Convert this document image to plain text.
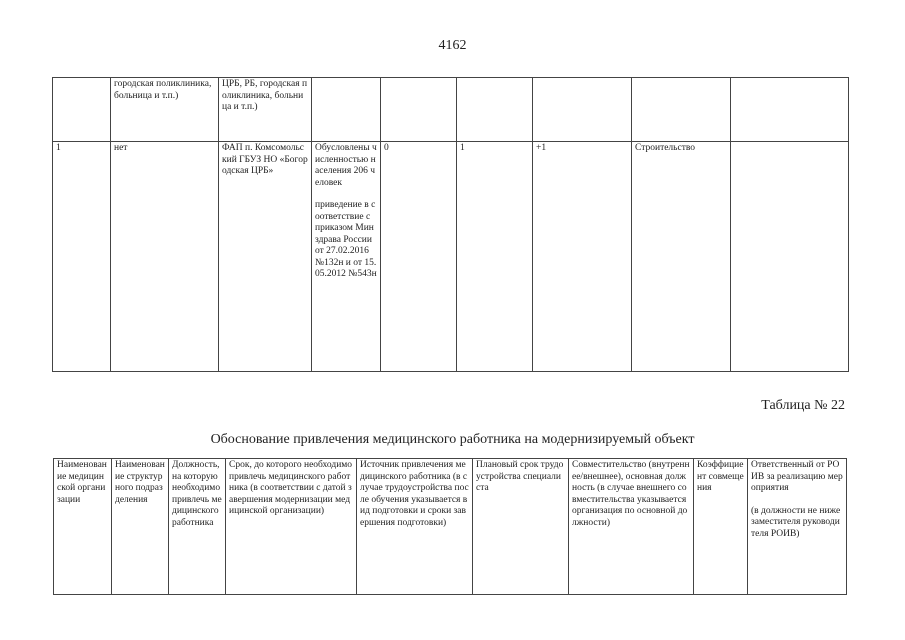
4162
	городская поликлиника, больница и т.п.)	ЦРБ, РБ, городская поликлиника, больница и т.п.)						
1	нет	ФАП п. Комсомольский ГБУЗ НО «Богородская ЦРБ»	Обусловлены численностью населения 206 человек
приведение в соответствие с приказом Минздрава России от 27.02.2016 №132н и от 15.05.2012 №543н	0	1	+1	Строительство	
Таблица № 22
Обоснование привлечения медицинского работника на модернизируемый объект
Наименование медицинской организации	Наименование структурного подразделения	Должность, на которую необходимо привлечь медицинского работника	Срок, до которого необходимо привлечь медицинского работника (в соответствии с датой завершения модернизации медицинской организации)	Источник привлечения медицинского работника (в случае трудоустройства после обучения указывается вид подготовки и сроки завершения подготовки)	Плановый срок трудоустройства специалиста	Совместительство (внутреннее/внешнее), основная должность (в случае внешнего совместительства указывается организация по основной должности)	Коэффициент совмещения	Ответственный от РОИВ за реализацию мероприятия
(в должности не ниже заместителя руководителя РОИВ)
